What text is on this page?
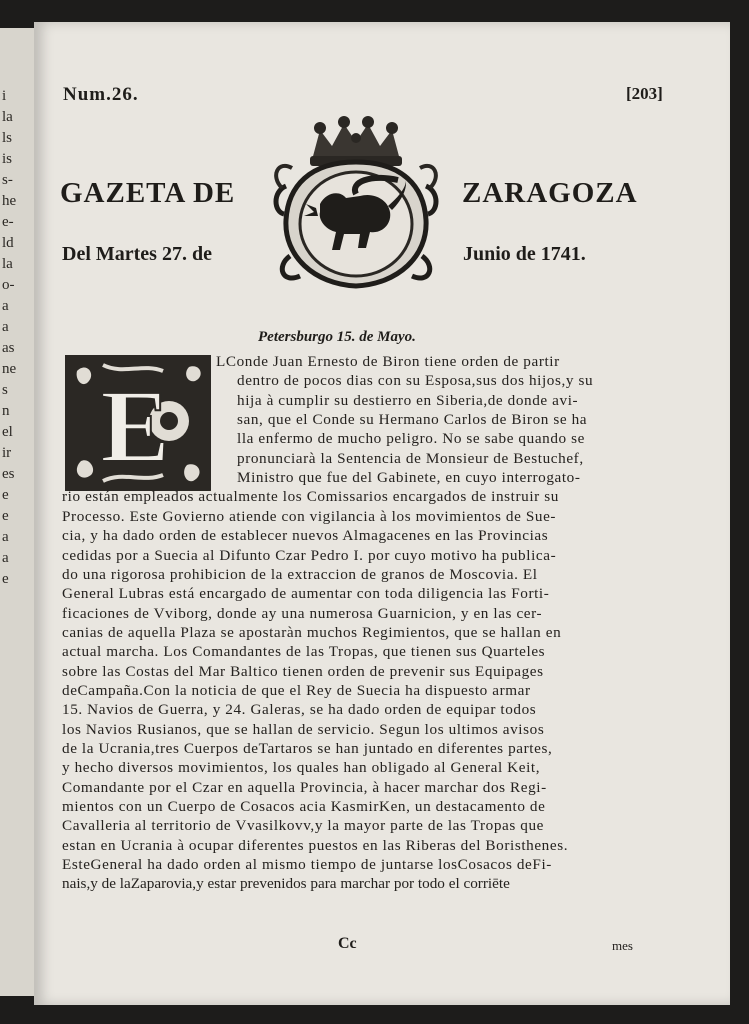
i
la
ls
is
s-
he
e-
ld
la
o-
a
a
as
ne
s
n
el
ir
es
e
e
a
a
e
Num.26.	[203]
GAZETA DE	ZARAGOZA
Del Martes 27. de	Junio de 1741.
Petersburgo 15. de Mayo.
E
LConde Juan Ernesto de Biron tiene orden de partir
dentro de pocos dias con su Esposa,sus dos hijos,y su
hija à cumplir su destierro en Siberia,de donde avi-
san, que el Conde su Hermano Carlos de Biron se ha
lla enfermo de mucho peligro. No se sabe quando se
pronunciarà la Sentencia de Monsieur de Bestuchef,
Ministro que fue del Gabinete, en cuyo interrogato-
rio están empleados actualmente los Comissarios encargados de instruir su
Processo. Este Govierno atiende con vigilancia à los movimientos de Sue-
cia, y ha dado orden de establecer nuevos Almagacenes en las Provincias
cedidas por a Suecia al Difunto Czar Pedro I. por cuyo motivo ha publica-
do una rigorosa prohibicion de la extraccion de granos de Moscovia. El
General Lubras está encargado de aumentar con toda diligencia las Forti-
ficaciones de Vviborg, donde ay una numerosa Guarnicion, y en las cer-
canias de aquella Plaza se apostaràn muchos Regimientos, que se hallan en
actual marcha. Los Comandantes de las Tropas, que tienen sus Quarteles
sobre las Costas del Mar Baltico tienen orden de prevenir sus Equipages
deCampaña.Con la noticia de que el Rey de Suecia ha dispuesto armar
15. Navios de Guerra, y 24. Galeras, se ha dado orden de equipar todos
los Navios Rusianos, que se hallan de servicio. Segun los ultimos avisos
de la Ucrania,tres Cuerpos deTartaros se han juntado en diferentes partes,
y hecho diversos movimientos, los quales han obligado al General Keit,
Comandante por el Czar en aquella Provincia, à hacer marchar dos Regi-
mientos con un Cuerpo de Cosacos acia KasmirKen, un destacamento de
Cavalleria al territorio de Vvasilkovv,y la mayor parte de las Tropas que
estan en Ucrania à ocupar diferentes puestos en las Riberas del Boristhenes.
EsteGeneral ha dado orden al mismo tiempo de juntarse losCosacos deFi-
nais,y de laZaparovia,y estar prevenidos para marchar por todo el corriēte
Cc	mes
